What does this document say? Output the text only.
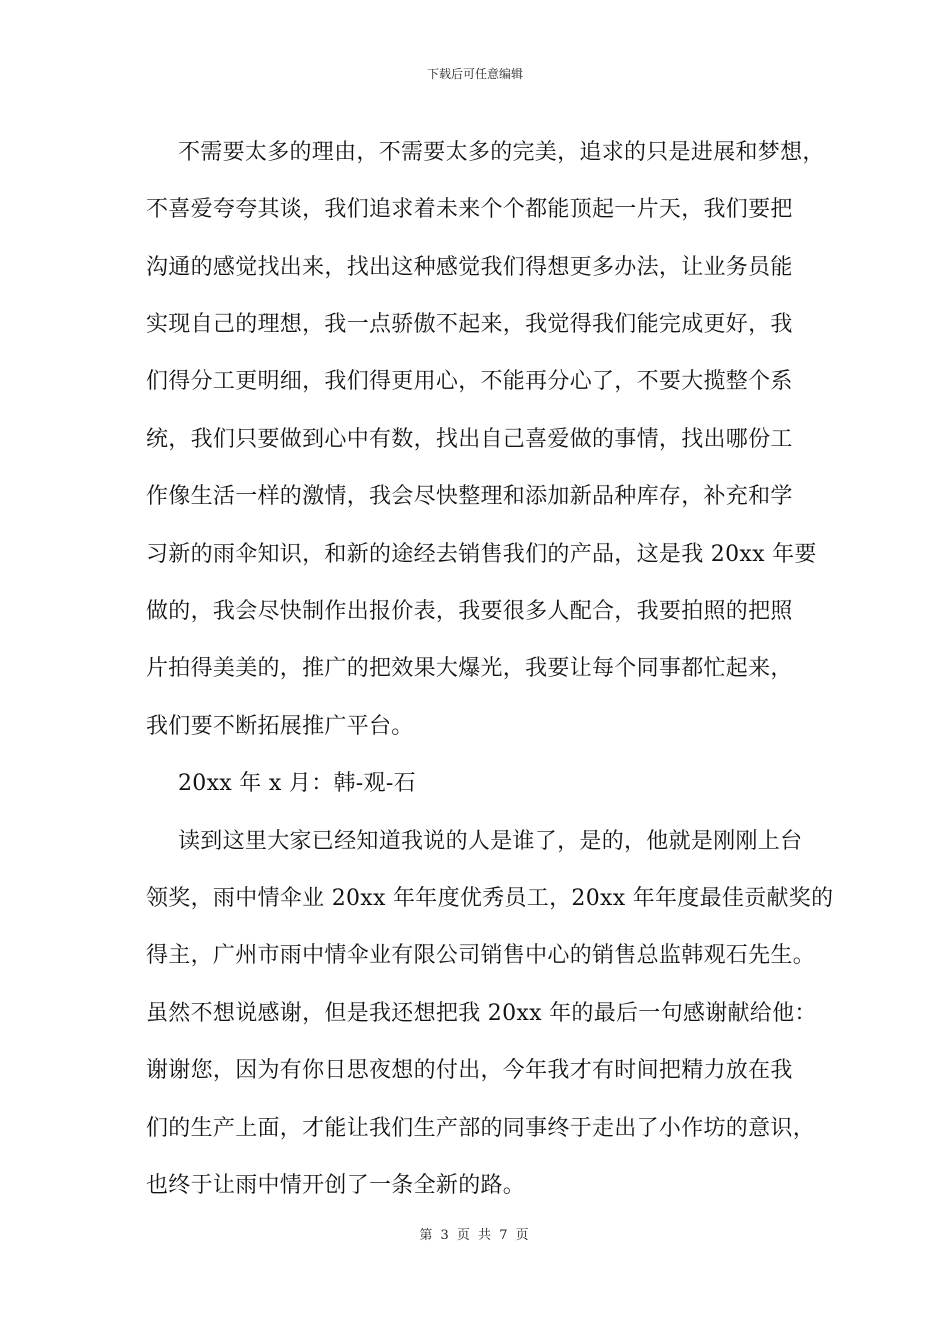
下载后可任意编辑
不需要太多的理由，不需要太多的完美，追求的只是进展和梦想，
不喜爱夸夸其谈，我们追求着未来个个都能顶起一片天，我们要把
沟通的感觉找出来，找出这种感觉我们得想更多办法，让业务员能
实现自己的理想，我一点骄傲不起来，我觉得我们能完成更好，我
们得分工更明细，我们得更用心，不能再分心了，不要大揽整个系
统，我们只要做到心中有数，找出自己喜爱做的事情，找出哪份工
作像生活一样的激情，我会尽快整理和添加新品种库存，补充和学
习新的雨伞知识，和新的途经去销售我们的产品，这是我 20xx 年要
做的，我会尽快制作出报价表，我要很多人配合，我要拍照的把照
片拍得美美的，推广的把效果大爆光，我要让每个同事都忙起来，
我们要不断拓展推广平台。
20xx 年 x 月：韩-观-石
读到这里大家已经知道我说的人是谁了，是的，他就是刚刚上台
领奖，雨中情伞业 20xx 年年度优秀员工，20xx 年年度最佳贡献奖的
得主，广州市雨中情伞业有限公司销售中心的销售总监韩观石先生。
虽然不想说感谢，但是我还想把我 20xx 年的最后一句感谢献给他：
谢谢您，因为有你日思夜想的付出，今年我才有时间把精力放在我
们的生产上面，才能让我们生产部的同事终于走出了小作坊的意识，
也终于让雨中情开创了一条全新的路。
第 3 页 共 7 页
